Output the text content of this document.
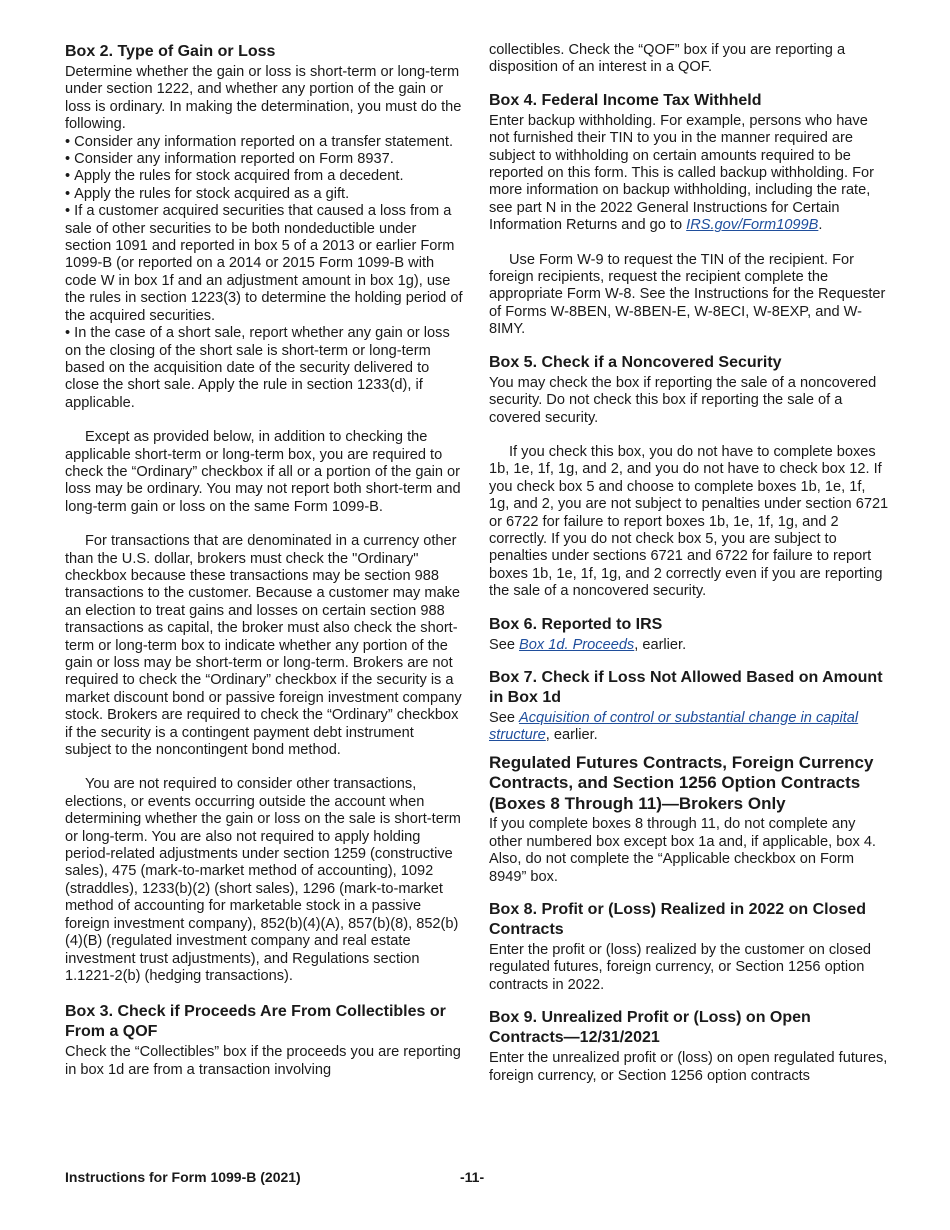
Box 2. Type of Gain or Loss

Determine whether the gain or loss is short-term or long-term under section 1222, and whether any portion of the gain or loss is ordinary. In making the determination, you must do the following.

• Consider any information reported on a transfer statement.

• Consider any information reported on Form 8937.

• Apply the rules for stock acquired from a decedent.

• Apply the rules for stock acquired as a gift.

• If a customer acquired securities that caused a loss from a sale of other securities to be both nondeductible under section 1091 and reported in box 5 of a 2013 or earlier Form 1099-B (or reported on a 2014 or 2015 Form 1099-B with code W in box 1f and an adjustment amount in box 1g), use the rules in section 1223(3) to determine the holding period of the acquired securities.

• In the case of a short sale, report whether any gain or loss on the closing of the short sale is short-term or long-term based on the acquisition date of the security delivered to close the short sale. Apply the rule in section 1233(d), if applicable.

Except as provided below, in addition to checking the applicable short-term or long-term box, you are required to check the “Ordinary” checkbox if all or a portion of the gain or loss may be ordinary. You may not report both short-term and long-term gain or loss on the same Form 1099-B.

For transactions that are denominated in a currency other than the U.S. dollar, brokers must check the "Ordinary" checkbox because these transactions may be section 988 transactions to the customer. Because a customer may make an election to treat gains and losses on certain section 988 transactions as capital, the broker must also check the short-term or long-term box to indicate whether any portion of the gain or loss may be short-term or long-term. Brokers are not required to check the “Ordinary” checkbox if the security is a market discount bond or passive foreign investment company stock. Brokers are required to check the “Ordinary” checkbox if the security is a contingent payment debt instrument subject to the noncontingent bond method.

You are not required to consider other transactions, elections, or events occurring outside the account when determining whether the gain or loss on the sale is short-term or long-term. You are also not required to apply holding period-related adjustments under section 1259 (constructive sales), 475 (mark-to-market method of accounting), 1092 (straddles), 1233(b)(2) (short sales), 1296 (mark-to-market method of accounting for marketable stock in a passive foreign investment company), 852(b)(4)(A), 857(b)(8), 852(b)(4)(B) (regulated investment company and real estate investment trust adjustments), and Regulations section 1.1221-2(b) (hedging transactions).

Box 3. Check if Proceeds Are From Collectibles or From a QOF

Check the “Collectibles” box if the proceeds you are reporting in box 1d are from a transaction involving

collectibles. Check the “QOF” box if you are reporting a disposition of an interest in a QOF.

Box 4. Federal Income Tax Withheld

Enter backup withholding. For example, persons who have not furnished their TIN to you in the manner required are subject to withholding on certain amounts required to be reported on this form. This is called backup withholding. For more information on backup withholding, including the rate, see part N in the 2022 General Instructions for Certain Information Returns and go to IRS.gov/Form1099B.

Use Form W-9 to request the TIN of the recipient. For foreign recipients, request the recipient complete the appropriate Form W-8. See the Instructions for the Requester of Forms W-8BEN, W-8BEN-E, W-8ECI, W-8EXP, and W-8IMY.

Box 5. Check if a Noncovered Security

You may check the box if reporting the sale of a noncovered security. Do not check this box if reporting the sale of a covered security.

If you check this box, you do not have to complete boxes 1b, 1e, 1f, 1g, and 2, and you do not have to check box 12. If you check box 5 and choose to complete boxes 1b, 1e, 1f, 1g, and 2, you are not subject to penalties under section 6721 or 6722 for failure to report boxes 1b, 1e, 1f, 1g, and 2 correctly. If you do not check box 5, you are subject to penalties under sections 6721 and 6722 for failure to report boxes 1b, 1e, 1f, 1g, and 2 correctly even if you are reporting the sale of a noncovered security.

Box 6. Reported to IRS

See Box 1d. Proceeds, earlier.

Box 7. Check if Loss Not Allowed Based on Amount in Box 1d

See Acquisition of control or substantial change in capital structure, earlier.

Regulated Futures Contracts, Foreign Currency Contracts, and Section 1256 Option Contracts (Boxes 8 Through 11)—Brokers Only

If you complete boxes 8 through 11, do not complete any other numbered box except box 1a and, if applicable, box 4. Also, do not complete the “Applicable checkbox on Form 8949” box.

Box 8. Profit or (Loss) Realized in 2022 on Closed Contracts

Enter the profit or (loss) realized by the customer on closed regulated futures, foreign currency, or Section 1256 option contracts in 2022.

Box 9. Unrealized Profit or (Loss) on Open Contracts—12/31/2021

Enter the unrealized profit or (loss) on open regulated futures, foreign currency, or Section 1256 option contracts

Instructions for Form 1099-B (2021)	-11-
